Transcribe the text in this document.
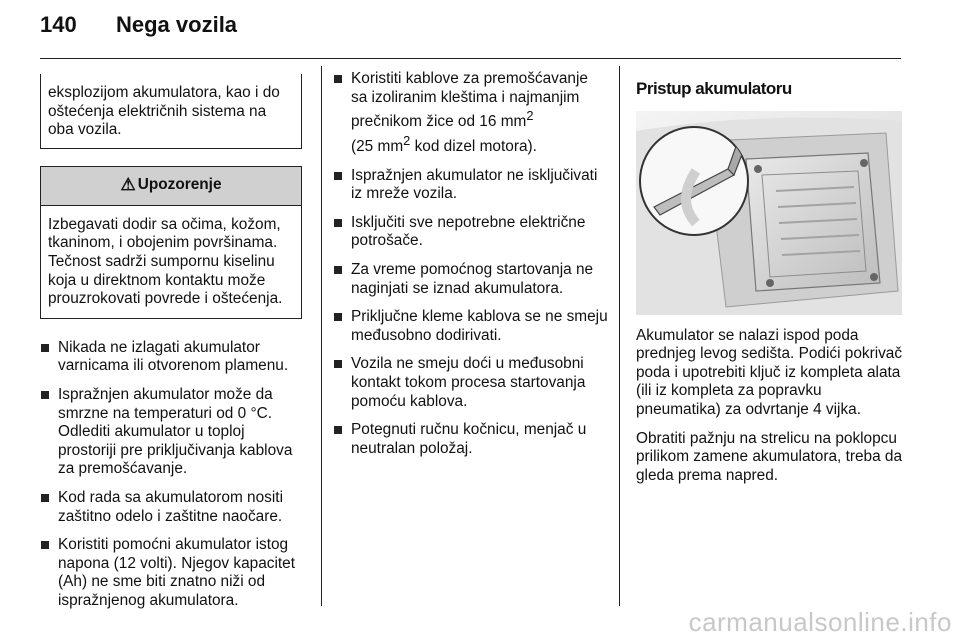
140	Nega vozila
eksplozijom akumulatora, kao i do oštećenja električnih sistema na oba vozila.
⚠ Upozorenje
Izbegavati dodir sa očima, kožom, tkaninom, i obojenim površinama. Tečnost sadrži sumpornu kiselinu koja u direktnom kontaktu može prouzrokovati povrede i oštećenja.
Nikada ne izlagati akumulator varnicama ili otvorenom plamenu.
Ispražnjen akumulator može da smrzne na temperaturi od 0 °C. Odlediti akumulator u toploj prostoriji pre priključivanja kablova za premošćavanje.
Kod rada sa akumulatorom nositi zaštitno odelo i zaštitne naočare.
Koristiti pomoćni akumulator istog napona (12 volti). Njegov kapacitet (Ah) ne sme biti znatno niži od ispražnjenog akumulatora.
Koristiti kablove za premošćavanje sa izoliranim kleštima i najmanjim prečnikom žice od 16 $mm^2$
(25 $mm^2$ kod dizel motora).
Ispražnjen akumulator ne isključivati iz mreže vozila.
Isključiti sve nepotrebne električne potrošače.
Za vreme pomoćnog startovanja ne naginjati se iznad akumulatora.
Priključne kleme kablova se ne smeju međusobno dodirivati.
Vozila ne smeju doći u međusobni kontakt tokom procesa startovanja pomoću kablova.
Potegnuti ručnu kočnicu, menjač u neutralan položaj.
Pristup akumulatoru

Akumulator se nalazi ispod poda prednjeg levog sedišta. Podići pokrivač poda i upotrebiti ključ iz kompleta alata (ili iz kompleta za popravku pneumatika) za odvrtanje 4 vijka.

Obratiti pažnju na strelicu na poklopcu prilikom zamene akumulatora, treba da gleda prema napred.

carmanualsonline.info
